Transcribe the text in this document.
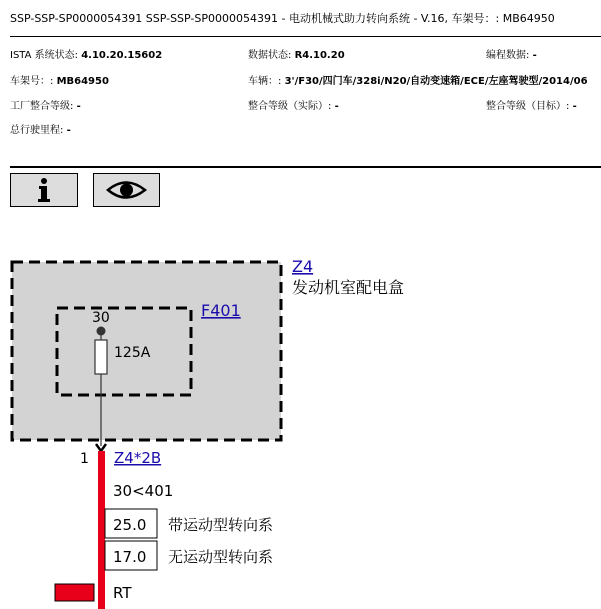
SSP-SSP-SP0000054391 SSP-SSP-SP0000054391 - 电动机械式助力转向系统 - V.16, 车架号：: MB64950
ISTA 系统状态: 4.10.20.15602	数据状态: R4.10.20	编程数据: -
车架号：: MB64950	车辆：: 3'/F30/四门车/328i/N20/自动变速箱/ECE/左座驾驶型/2014/06
工厂整合等级: -	整合等级（实际）: -	整合等级（目标）: -
总行驶里程: -
Z4
发动机室配电盒
F401
30
125A
1 Z4*2B
30<401
25.0 带运动型转向系
17.0 无运动型转向系
RT
